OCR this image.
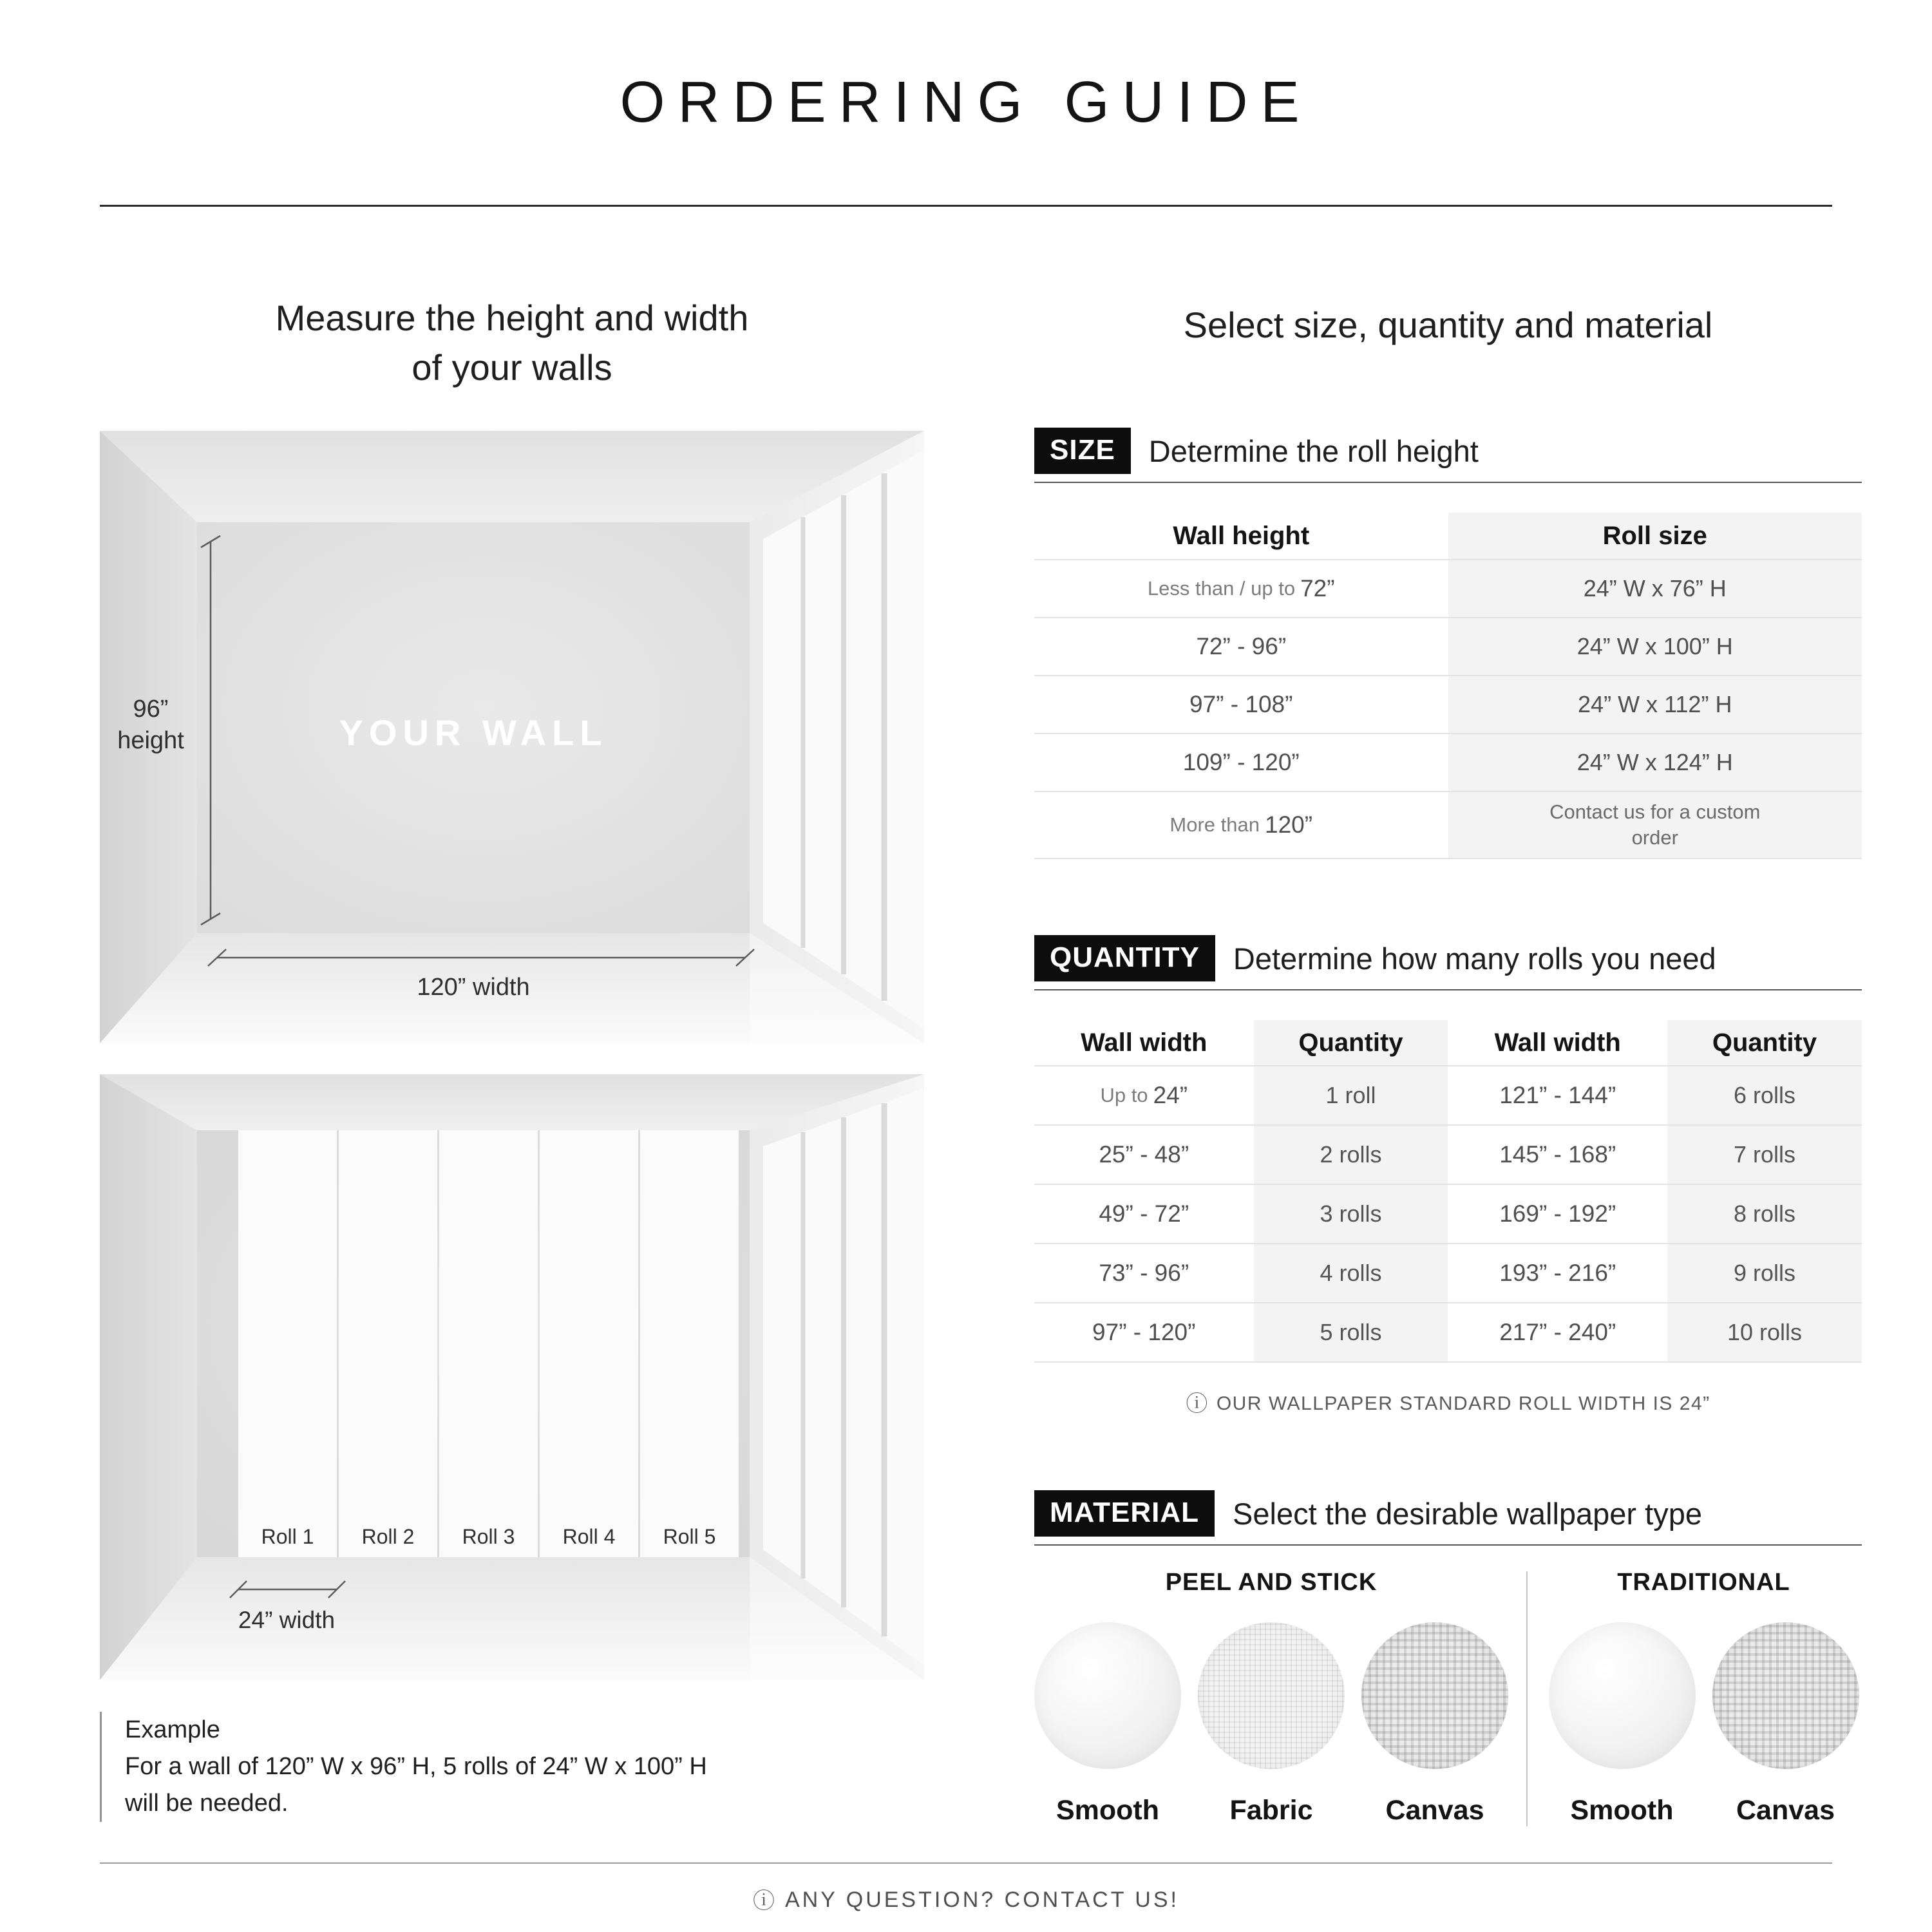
ORDERING GUIDE
Measure the height and width
of your walls
Select size, quantity and material
96”
height	YOUR WALL
120” width
Roll 1	Roll 2	Roll 3	Roll 4	Roll 5
24” width
Example
For a wall of 120” W x 96” H, 5 rolls of 24” W x 100” H
will be needed.
SIZE	Determine the roll height
Wall height	Roll size
Less than / up to 72”	24” W x 76” H
72” - 96”	24” W x 100” H
97” - 108”	24” W x 112” H
109” - 120”	24” W x 124” H
More than 120”	Contact us for a custom order
QUANTITY	Determine how many rolls you need
Wall width	Quantity	Wall width	Quantity
Up to 24”	1 roll	121” - 144”	6 rolls
25” - 48”	2 rolls	145” - 168”	7 rolls
49” - 72”	3 rolls	169” - 192”	8 rolls
73” - 96”	4 rolls	193” - 216”	9 rolls
97” - 120”	5 rolls	217” - 240”	10 rolls
ⓘ OUR WALLPAPER STANDARD ROLL WIDTH IS 24”
MATERIAL	Select the desirable wallpaper type
PEEL AND STICK
Smooth	Fabric	Canvas
TRADITIONAL
Smooth Canvas
ⓘ ANY QUESTION? CONTACT US!
